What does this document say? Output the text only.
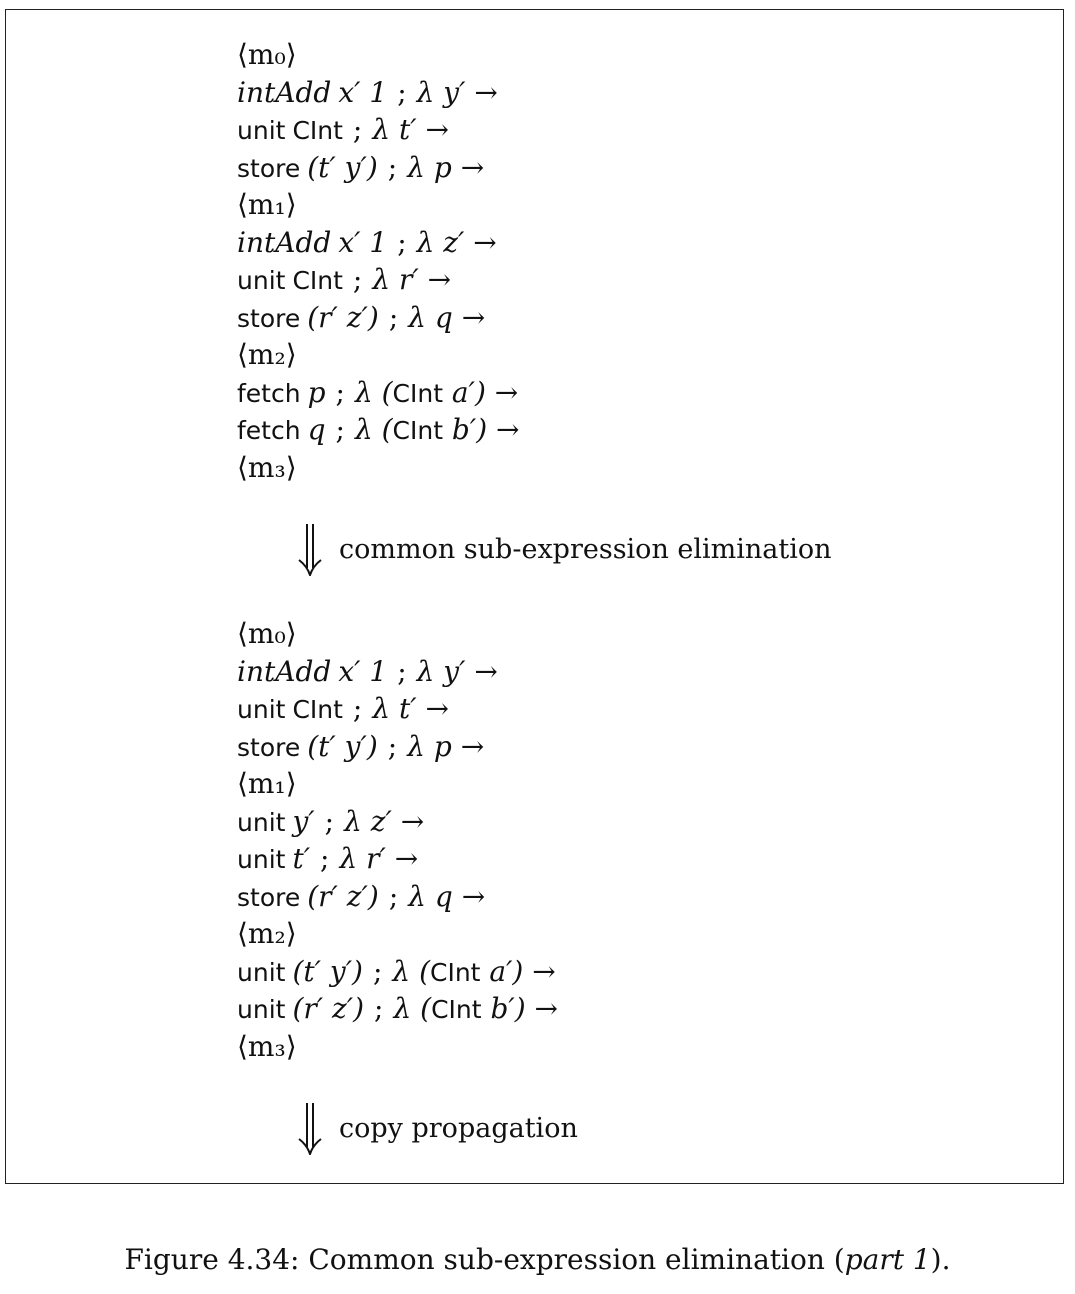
⟨m₀⟩
intAdd x′ 1 ; λ y′ →
unit CInt ; λ t′ →
store (t′ y′) ; λ p →
⟨m₁⟩
intAdd x′ 1 ; λ z′ →
unit CInt ; λ r′ →
store (r′ z′) ; λ q →
⟨m₂⟩
fetch p ; λ (CInt a′) →
fetch q ; λ (CInt b′) →
⟨m₃⟩
common sub-expression elimination
⟨m₀⟩
intAdd x′ 1 ; λ y′ →
unit CInt ; λ t′ →
store (t′ y′) ; λ p →
⟨m₁⟩
unit y′ ; λ z′ →
unit t′ ; λ r′ →
store (r′ z′) ; λ q →
⟨m₂⟩
unit (t′ y′) ; λ (CInt a′) →
unit (r′ z′) ; λ (CInt b′) →
⟨m₃⟩
copy propagation
Figure 4.34: Common sub-expression elimination (part 1).
